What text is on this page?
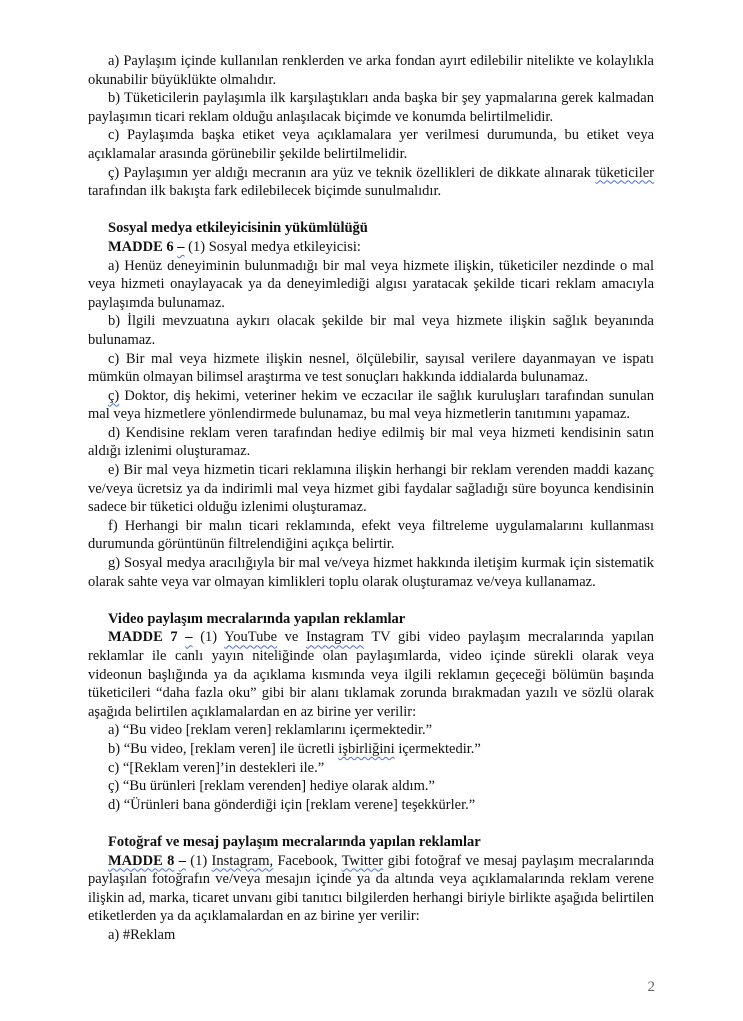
a) Paylaşım içinde kullanılan renklerden ve arka fondan ayırt edilebilir nitelikte ve kolaylıkla okunabilir büyüklükte olmalıdır.

b) Tüketicilerin paylaşımla ilk karşılaştıkları anda başka bir şey yapmalarına gerek kalmadan paylaşımın ticari reklam olduğu anlaşılacak biçimde ve konumda belirtilmelidir.

c) Paylaşımda başka etiket veya açıklamalara yer verilmesi durumunda, bu etiket veya açıklamalar arasında görünebilir şekilde belirtilmelidir.

ç) Paylaşımın yer aldığı mecranın ara yüz ve teknik özellikleri de dikkate alınarak tüketiciler tarafından ilk bakışta fark edilebilecek biçimde sunulmalıdır.

Sosyal medya etkileyicisinin yükümlülüğü

MADDE 6 – (1) Sosyal medya etkileyicisi:

a) Henüz deneyiminin bulunmadığı bir mal veya hizmete ilişkin, tüketiciler nezdinde o mal veya hizmeti onaylayacak ya da deneyimlediği algısı yaratacak şekilde ticari reklam amacıyla paylaşımda bulunamaz.

b) İlgili mevzuatına aykırı olacak şekilde bir mal veya hizmete ilişkin sağlık beyanında bulunamaz.

c) Bir mal veya hizmete ilişkin nesnel, ölçülebilir, sayısal verilere dayanmayan ve ispatı mümkün olmayan bilimsel araştırma ve test sonuçları hakkında iddialarda bulunamaz.

ç) Doktor, diş hekimi, veteriner hekim ve eczacılar ile sağlık kuruluşları tarafından sunulan mal veya hizmetlere yönlendirmede bulunamaz, bu mal veya hizmetlerin tanıtımını yapamaz.

d) Kendisine reklam veren tarafından hediye edilmiş bir mal veya hizmeti kendisinin satın aldığı izlenimi oluşturamaz.

e) Bir mal veya hizmetin ticari reklamına ilişkin herhangi bir reklam verenden maddi kazanç ve/veya ücretsiz ya da indirimli mal veya hizmet gibi faydalar sağladığı süre boyunca kendisinin sadece bir tüketici olduğu izlenimi oluşturamaz.

f) Herhangi bir malın ticari reklamında, efekt veya filtreleme uygulamalarını kullanması durumunda görüntünün filtrelendiğini açıkça belirtir.

g) Sosyal medya aracılığıyla bir mal ve/veya hizmet hakkında iletişim kurmak için sistematik olarak sahte veya var olmayan kimlikleri toplu olarak oluşturamaz ve/veya kullanamaz.

Video paylaşım mecralarında yapılan reklamlar

MADDE 7 – (1) YouTube ve Instagram TV gibi video paylaşım mecralarında yapılan reklamlar ile canlı yayın niteliğinde olan paylaşımlarda, video içinde sürekli olarak veya videonun başlığında ya da açıklama kısmında veya ilgili reklamın geçeceği bölümün başında tüketicileri “daha fazla oku” gibi bir alanı tıklamak zorunda bırakmadan yazılı ve sözlü olarak aşağıda belirtilen açıklamalardan en az birine yer verilir:

a) “Bu video [reklam veren] reklamlarını içermektedir.”

b) “Bu video, [reklam veren] ile ücretli işbirliğini içermektedir.”

c) “[Reklam veren]’in destekleri ile.”

ç) “Bu ürünleri [reklam verenden] hediye olarak aldım.”

d) “Ürünleri bana gönderdiği için [reklam verene] teşekkürler.”

Fotoğraf ve mesaj paylaşım mecralarında yapılan reklamlar

MADDE 8 – (1) Instagram, Facebook, Twitter gibi fotoğraf ve mesaj paylaşım mecralarında paylaşılan fotoğrafın ve/veya mesajın içinde ya da altında veya açıklamalarında reklam verene ilişkin ad, marka, ticaret unvanı gibi tanıtıcı bilgilerden herhangi biriyle birlikte aşağıda belirtilen etiketlerden ya da açıklamalardan en az birine yer verilir:

a) #Reklam

2
